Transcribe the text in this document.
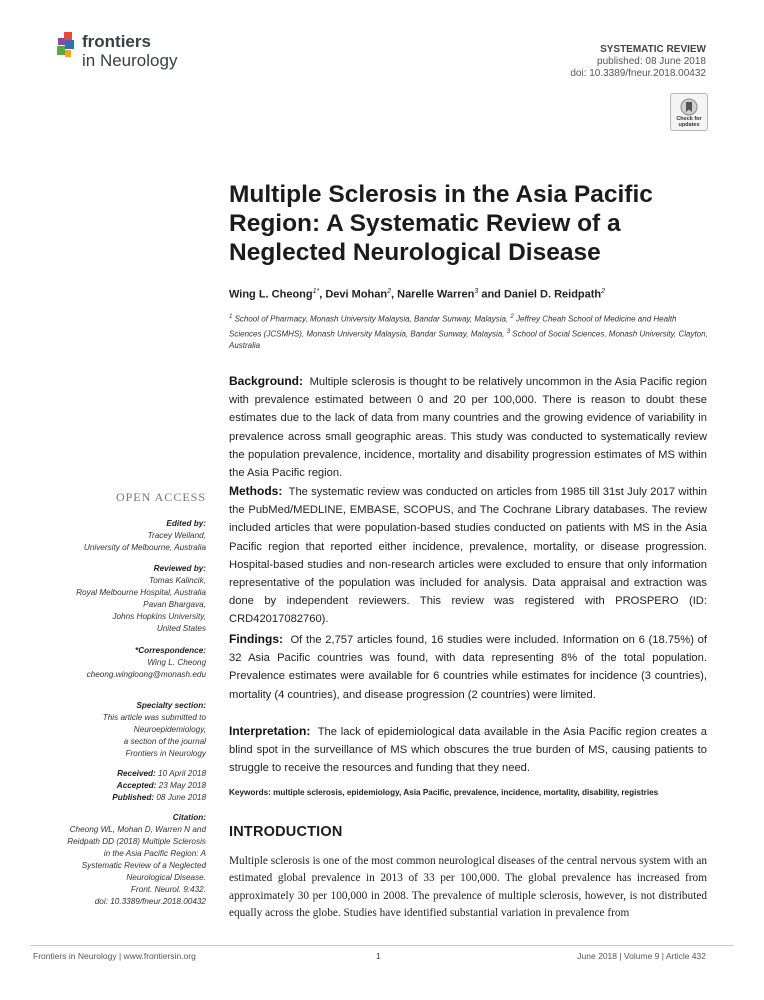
frontiers
in Neurology
SYSTEMATIC REVIEW
published: 08 June 2018
doi: 10.3389/fneur.2018.00432
Check for updates
Multiple Sclerosis in the Asia Pacific Region: A Systematic Review of a Neglected Neurological Disease
Wing L. Cheong$^{1*}$, Devi Mohan$^2$, Narelle Warren$^3$ and Daniel D. Reidpath$^2$
$^1$ School of Pharmacy, Monash University Malaysia, Bandar Sunway, Malaysia, $^2$ Jeffrey Cheah School of Medicine and Health Sciences (JCSMHS), Monash University Malaysia, Bandar Sunway, Malaysia, $^3$ School of Social Sciences, Monash University, Clayton, Australia
Background: Multiple sclerosis is thought to be relatively uncommon in the Asia Pacific region with prevalence estimated between 0 and 20 per 100,000. There is reason to doubt these estimates due to the lack of data from many countries and the growing evidence of variability in prevalence across small geographic areas. This study was conducted to systematically review the population prevalence, incidence, mortality and disability progression estimates of MS within the Asia Pacific region.
Methods: The systematic review was conducted on articles from 1985 till 31st July 2017 within the PubMed/MEDLINE, EMBASE, SCOPUS, and The Cochrane Library databases. The review included articles that were population-based studies conducted on patients with MS in the Asia Pacific region that reported either incidence, prevalence, mortality, or disease progression. Hospital-based studies and non-research articles were excluded to ensure that only information representative of the population was included for analysis. Data appraisal and extraction was done by independent reviewers. This review was registered with PROSPERO (ID: CRD42017082760).
Findings: Of the 2,757 articles found, 16 studies were included. Information on 6 (18.75%) of 32 Asia Pacific countries was found, with data representing 8% of the total population. Prevalence estimates were available for 6 countries while estimates for incidence (3 countries), mortality (4 countries), and disease progression (2 countries) were limited.
Interpretation: The lack of epidemiological data available in the Asia Pacific region creates a blind spot in the surveillance of MS which obscures the true burden of MS, causing patients to struggle to receive the resources and funding that they need.
Keywords: multiple sclerosis, epidemiology, Asia Pacific, prevalence, incidence, mortality, disability, registries
INTRODUCTION
Multiple sclerosis is one of the most common neurological diseases of the central nervous system with an estimated global prevalence in 2013 of 33 per 100,000. The global prevalence has increased from approximately 30 per 100,000 in 2008. The prevalence of multiple sclerosis, however, is not distributed equally across the globe. Studies have identified substantial variation in prevalence from
OPEN ACCESS
Edited by:
Tracey Weiland,
University of Melbourne, Australia
Reviewed by:
Tomas Kalincik,
Royal Melbourne Hospital, Australia
Pavan Bhargava,
Johns Hopkins University,
United States
*Correspondence:
Wing L. Cheong
cheong.wingloong@monash.edu
Specialty section:
This article was submitted to
Neuroepidemiology,
a section of the journal
Frontiers in Neurology
Received: 10 April 2018
Accepted: 23 May 2018
Published: 08 June 2018
Citation:
Cheong WL, Mohan D, Warren N and
Reidpath DD (2018) Multiple Sclerosis
in the Asia Pacific Region: A
Systematic Review of a Neglected
Neurological Disease.
Front. Neurol. 9:432.
doi: 10.3389/fneur.2018.00432
Frontiers in Neurology | www.frontiersin.org	1	June 2018 | Volume 9 | Article 432
